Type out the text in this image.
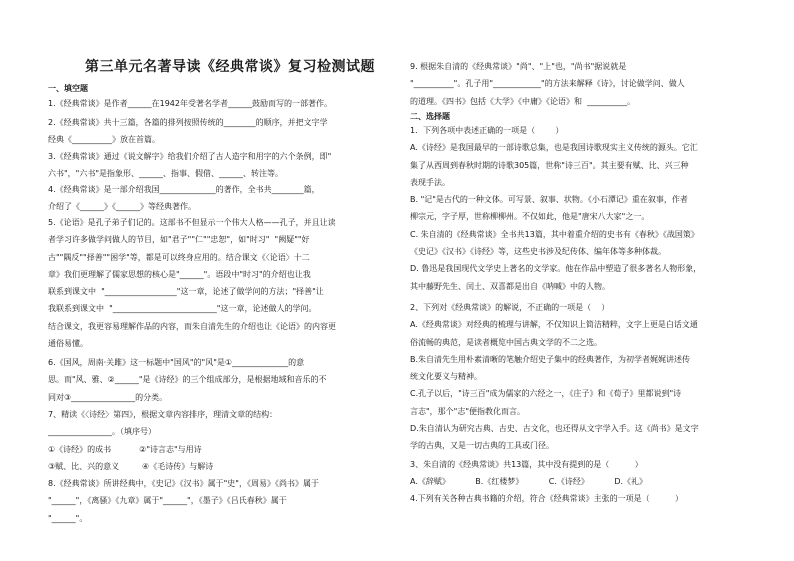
第三单元名著导读《经典常谈》复习检测试题
一、填空题
1.《经典常谈》是作者______在1942年受著名学者______鼓励而写的一部著作。
2.《经典常谈》共十三篇，各篇的排列按照传统的________的顺序，并把文字学
经典《__________》放在首篇。
3.《经典常谈》通过《说文解字》给我们介绍了古人造字和用字的六个条例，即"
六书"，"六书"是指象形、______、指事、假借、______、转注等。
4.《经典常谈》是一部介绍我国______________的著作，全书共________篇，
介绍了《______》《______》等经典著作。
5.《论语》是孔子弟子们记的。这部书不但显示一个伟大人格——孔子，并且让读
者学习许多做学问做人的节目，如"君子""仁""忠恕"，如"时习"  "阙疑""好
古""隅反""择善""困学"等，都是可以终身应用的。结合课文《〈论语〉十二
章》我们更理解了儒家思想的核心是"______"。语段中"时习"的介绍也让我
联系到课文中  "__________________"这一章，论述了做学问的方法；"择善"让
我联系到课文中  "__________________________"这一章，论述做人的学问。
结合课文，我更容易理解作品的内容，而朱自清先生的介绍也让《论语》的内容更
通俗易懂。
6.《国风，周南·关雎》这一标题中"国风"的"风"是①______________的意
思。而"风、雅、②______"是《诗经》的三个组成部分，是根据地域和音乐的不
同对③________________的分类。
7、精读《〈诗经〉第四》，根据文章内容排序，理清文章的结构：
________________。（填序号）
①《诗经》的成书           ②"诗言志"与用诗
③赋、比、兴的意义         ④《毛诗传》与解诗
8.《经典常谈》所讲经典中，《史记》《汉书》属于"史"，《周易》《尚书》属于
"______"，《离骚》《九章》属于"______"，《墨子》《吕氏春秋》属于
"______"。
9. 根据朱自清的《经典常谈》"尚"、"上"也，"尚书"据说就是
"__________"。孔子用"____________"的方法来解释《诗》，讨论做学问、做人
的道理。《四书》包括《大学》《中庸》《论语》和  __________。
二、选择题
1．下列各项中表述正确的一项是（        ）
A.《诗经》是我国最早的一部诗歌总集，也是我国诗歌现实主义传统的源头。它汇
集了从西周到春秋时期的诗歌305篇，世称"诗三百"。其主要有赋、比、兴三种
表现手法。
B. "记"是古代的一种文体。可写景、叙事、状物。《小石潭记》重在叙事，作者
柳宗元，字子厚，世称柳柳州。不仅如此，他是"唐宋八大家"之一。
C. 朱自清的《经典常谈》全书共13篇，其中着重介绍的史书有《春秋》《战国策》
《史记》《汉书》《诗经》等，这些史书涉及纪传体、编年体等多种体裁。
D. 鲁迅是我国现代文学史上著名的文学家。他在作品中塑造了很多著名人物形象，
其中藤野先生、闰土、双喜都是出自《呐喊》中的人物。
2、下列对《经典常谈》的解说，不正确的一项是（    ）
A.《经典常谈》对经典的梳理与讲解，不仅知识上简洁精粹，文字上更是白话文通
俗流畅的典范，是读者概览中国古典文学的不二之选。
B.朱自清先生用朴素清晰的笔触介绍史子集中的经典著作，为初学者娓娓讲述传
统文化要义与精神。
C.孔子以后，"诗三百"成为儒家的六经之一，《庄子》和《荀子》里都说到"诗
言志"，那个"志"便指教化而言。
D.朱自清认为研究古典、古史、古文化，也还得从文字学入手。这《尚书》是文字
学的古典，又是一切古典的工具或门径。
3、朱自清的《经典常谈》共13篇，其中没有提到的是（          ）
A.《辞赋》          B.《红楼梦》          C.《诗经》          D.《礼》
4.下列有关各种古典书籍的介绍，符合《经典常谈》主张的一项是（          ）
